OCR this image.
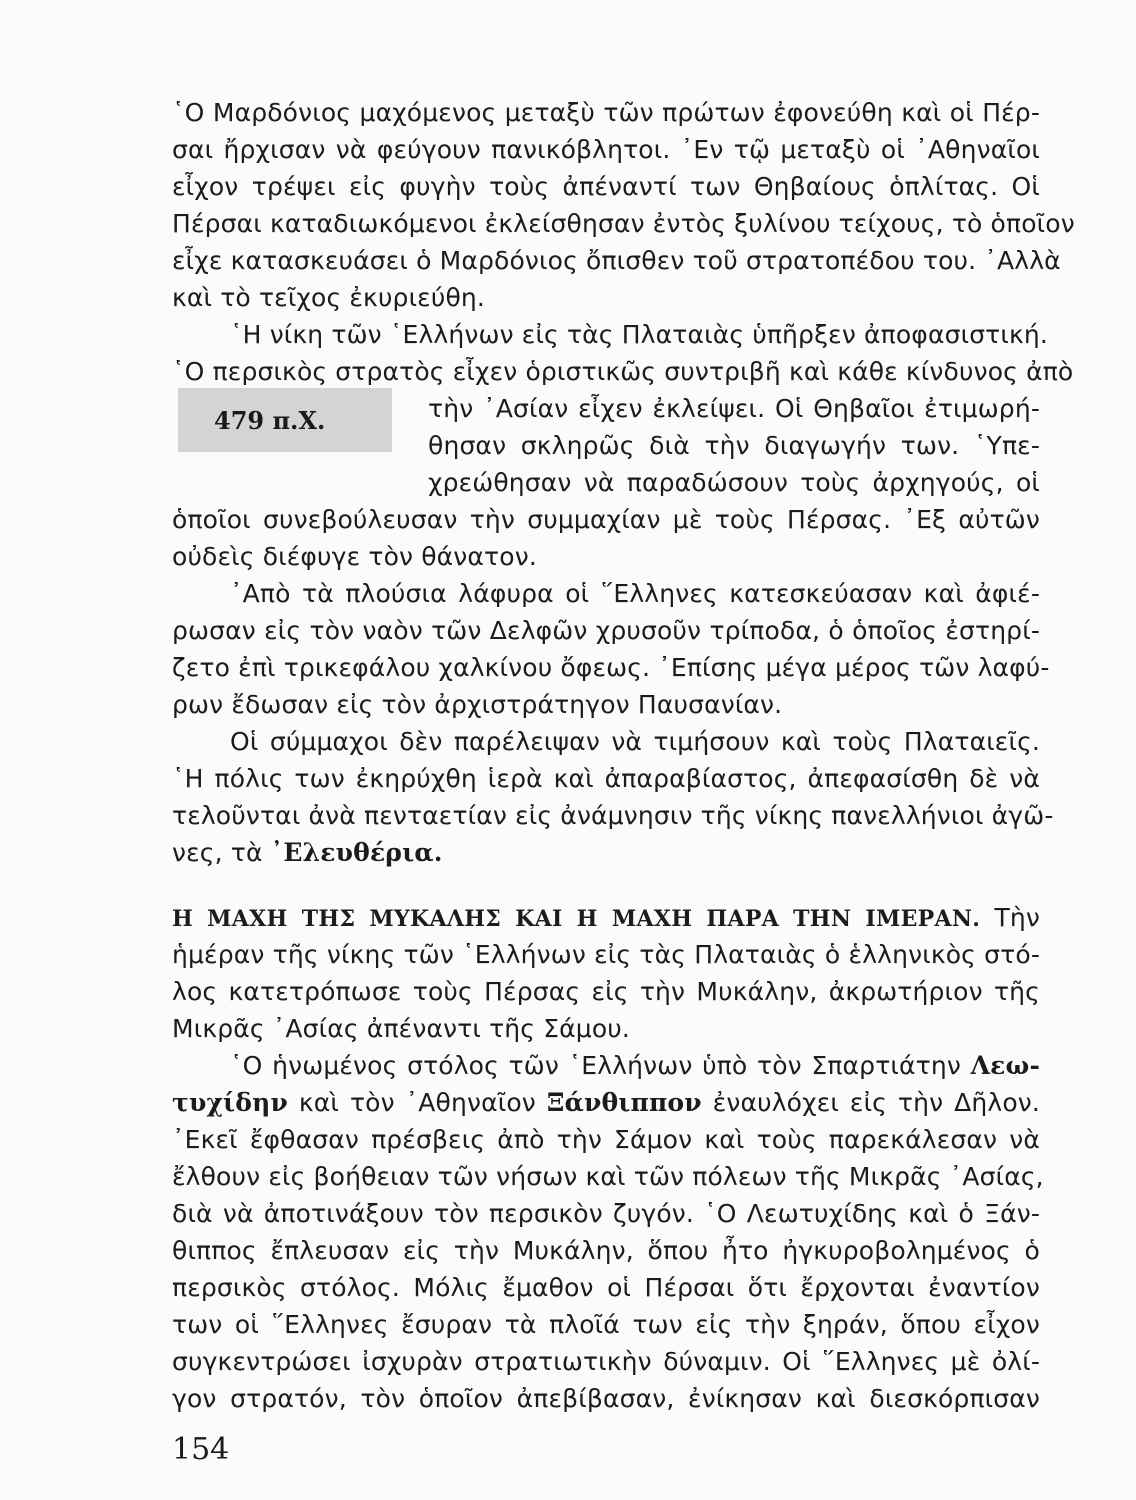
῾Ο Μαρδόνιος μαχόμενος μεταξὺ τῶν πρώτων ἐφονεύθη καὶ οἱ Πέρ-
σαι ἤρχισαν νὰ φεύγουν πανικόβλητοι. ᾿Εν τῷ μεταξὺ οἱ ᾿Αθηναῖοι
εἶχον τρέψει εἰς φυγὴν τοὺς ἀπέναντί των Θηβαίους ὁπλίτας. Οἱ
Πέρσαι καταδιωκόμενοι ἐκλείσθησαν ἐντὸς ξυλίνου τείχους, τὸ ὁποῖον
εἶχε κατασκευάσει ὁ Μαρδόνιος ὄπισθεν τοῦ στρατοπέδου του. ᾿Αλλὰ
καὶ τὸ τεῖχος ἐκυριεύθη.
῾Η νίκη τῶν ῾Ελλήνων εἰς τὰς Πλαταιὰς ὑπῆρξεν ἀποφασιστική.
῾Ο περσικὸς στρατὸς εἶχεν ὁριστικῶς συντριβῆ καὶ κάθε κίνδυνος ἀπὸ
479 π.Χ.	τὴν ᾿Ασίαν εἶχεν ἐκλείψει. Οἱ Θηβαῖοι ἐτιμωρή-
θησαν σκληρῶς διὰ τὴν διαγωγήν των. ῾Υπε-
χρεώθησαν νὰ παραδώσουν τοὺς ἀρχηγούς, οἱ
ὁποῖοι συνεβούλευσαν τὴν συμμαχίαν μὲ τοὺς Πέρσας. ᾿Εξ αὐτῶν
οὐδεὶς διέφυγε τὸν θάνατον.
᾿Απὸ τὰ πλούσια λάφυρα οἱ ῞Ελληνες κατεσκεύασαν καὶ ἀφιέ-
ρωσαν εἰς τὸν ναὸν τῶν Δελφῶν χρυσοῦν τρίποδα, ὁ ὁποῖος ἐστηρί-
ζετο ἐπὶ τρικεφάλου χαλκίνου ὄφεως. ᾿Επίσης μέγα μέρος τῶν λαφύ-
ρων ἔδωσαν εἰς τὸν ἀρχιστράτηγον Παυσανίαν.
Οἱ σύμμαχοι δὲν παρέλειψαν νὰ τιμήσουν καὶ τοὺς Πλαταιεῖς.
῾Η πόλις των ἐκηρύχθη ἱερὰ καὶ ἀπαραβίαστος, ἀπεφασίσθη δὲ νὰ
τελοῦνται ἀνὰ πενταετίαν εἰς ἀνάμνησιν τῆς νίκης πανελλήνιοι ἀγῶ-
νες, τὰ ᾿Ελευθέρια.
Η ΜΑΧΗ ΤΗΣ ΜΥΚΑΛΗΣ ΚΑΙ Η ΜΑΧΗ ΠΑΡΑ ΤΗΝ ΙΜΕΡΑΝ. Τὴν
ἡμέραν τῆς νίκης τῶν ῾Ελλήνων εἰς τὰς Πλαταιὰς ὁ ἑλληνικὸς στό-
λος κατετρόπωσε τοὺς Πέρσας εἰς τὴν Μυκάλην, ἀκρωτήριον τῆς
Μικρᾶς ᾿Ασίας ἀπέναντι τῆς Σάμου.
῾Ο ἡνωμένος στόλος τῶν ῾Ελλήνων ὑπὸ τὸν Σπαρτιάτην Λεω-
τυχίδην καὶ τὸν ᾿Αθηναῖον Ξάνθιππον ἐναυλόχει εἰς τὴν Δῆλον.
᾿Εκεῖ ἔφθασαν πρέσβεις ἀπὸ τὴν Σάμον καὶ τοὺς παρεκάλεσαν νὰ
ἔλθουν εἰς βοήθειαν τῶν νήσων καὶ τῶν πόλεων τῆς Μικρᾶς ᾿Ασίας,
διὰ νὰ ἀποτινάξουν τὸν περσικὸν ζυγόν. ῾Ο Λεωτυχίδης καὶ ὁ Ξάν-
θιππος ἔπλευσαν εἰς τὴν Μυκάλην, ὅπου ἦτο ἠγκυροβολημένος ὁ
περσικὸς στόλος. Μόλις ἔμαθον οἱ Πέρσαι ὅτι ἔρχονται ἐναντίον
των οἱ ῞Ελληνες ἔσυραν τὰ πλοῖά των εἰς τὴν ξηράν, ὅπου εἶχον
συγκεντρώσει ἰσχυρὰν στρατιωτικὴν δύναμιν. Οἱ ῞Ελληνες μὲ ὀλί-
γον στρατόν, τὸν ὁποῖον ἀπεβίβασαν, ἐνίκησαν καὶ διεσκόρπισαν
154
